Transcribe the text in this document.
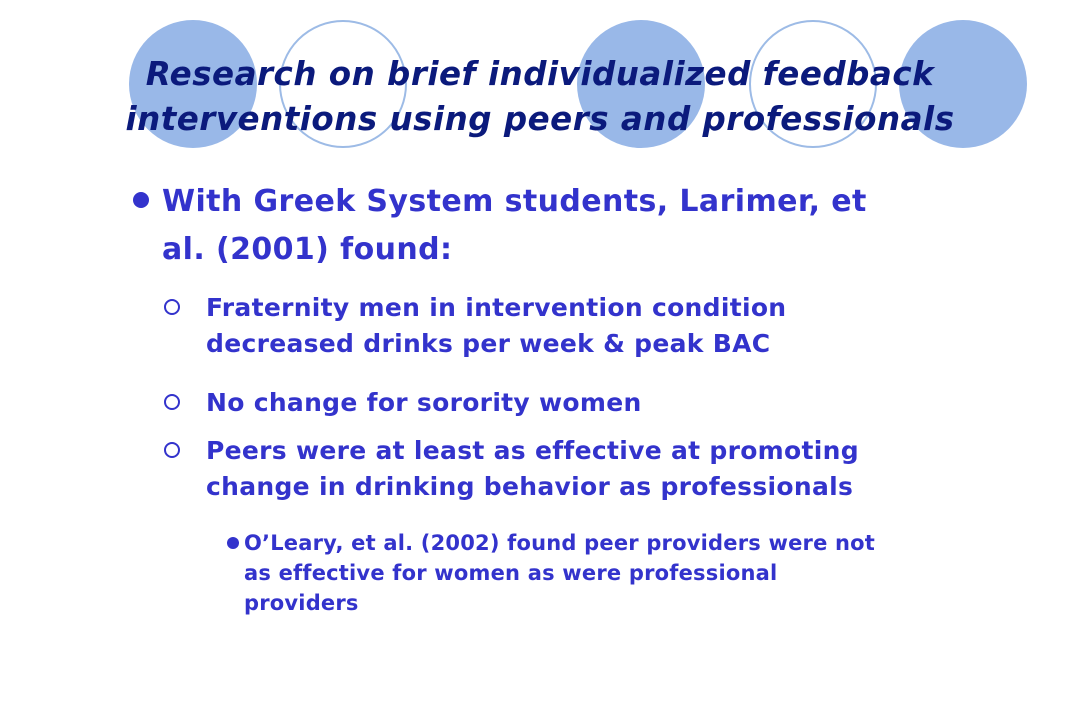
Research on brief individualized feedback
interventions using peers and professionals
With Greek System students, Larimer, et
al. (2001) found:
Fraternity men in intervention condition
decreased drinks per week & peak BAC
No change for sorority women
Peers were at least as effective at promoting
change in drinking behavior as professionals
O’Leary, et al. (2002) found peer providers were not
as effective for women as were professional
providers
